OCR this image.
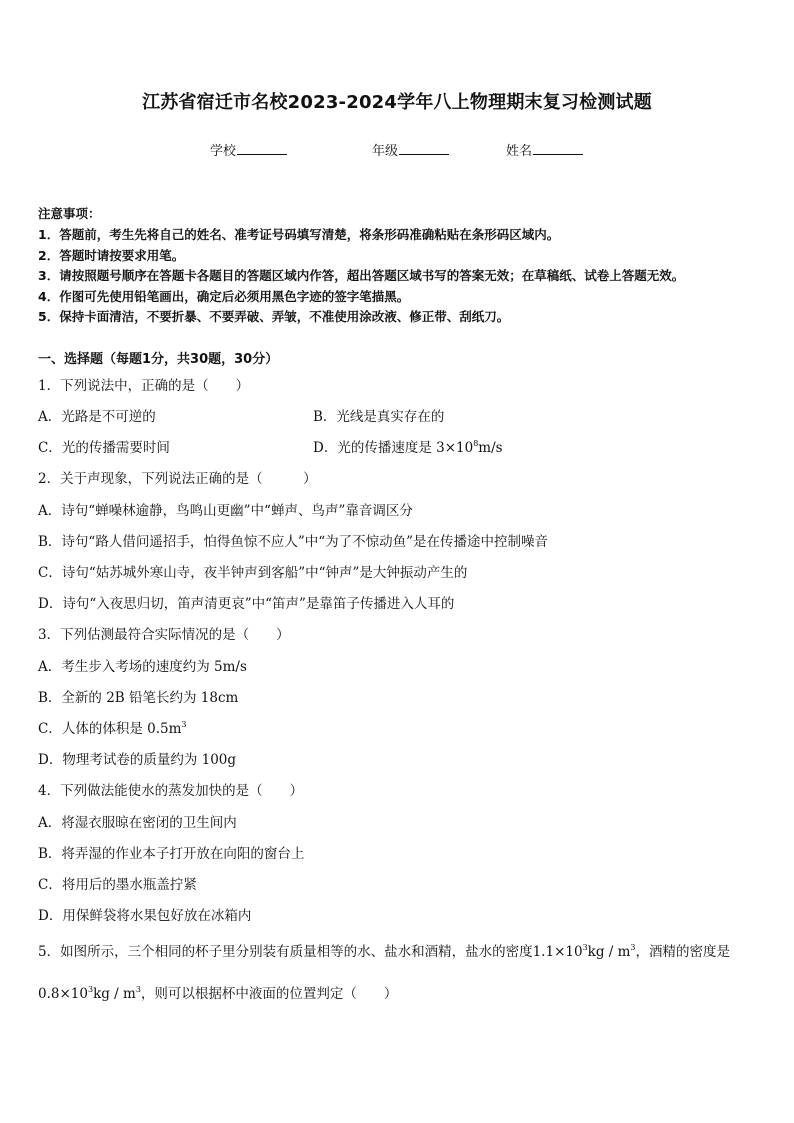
江苏省宿迁市名校2023-2024学年八上物理期末复习检测试题
学校	年级	姓名
注意事项：
1．答题前，考生先将自己的姓名、准考证号码填写清楚，将条形码准确粘贴在条形码区域内。
2．答题时请按要求用笔。
3．请按照题号顺序在答题卡各题目的答题区域内作答，超出答题区域书写的答案无效；在草稿纸、试卷上答题无效。
4．作图可先使用铅笔画出，确定后必须用黑色字迹的签字笔描黑。
5．保持卡面清洁，不要折暴、不要弄破、弄皱，不准使用涂改液、修正带、刮纸刀。
一、选择题（每题1分，共30题，30分）
1．下列说法中，正确的是（　　）
A．光路是不可逆的	B．光线是真实存在的
C．光的传播需要时间	D．光的传播速度是 $3\times 10^8m/s$
2．关于声现象，下列说法正确的是（　　　）
A．诗句“蝉噪林逾静，鸟鸣山更幽”中“蝉声、鸟声”靠音调区分
B．诗句“路人借问遥招手，怕得鱼惊不应人”中“为了不惊动鱼”是在传播途中控制噪音
C．诗句“姑苏城外寒山寺，夜半钟声到客船”中“钟声”是大钟振动产生的
D．诗句“入夜思归切，笛声清更哀”中“笛声”是靠笛子传播进入人耳的
3．下列估测最符合实际情况的是（　　）
A．考生步入考场的速度约为 5m/s
B．全新的 2B 铅笔长约为 18cm
C．人体的体积是 $0.5m^3$
D．物理考试卷的质量约为 100g
4．下列做法能使水的蒸发加快的是（　　）
A．将湿衣服晾在密闭的卫生间内
B．将弄湿的作业本子打开放在向阳的窗台上
C．将用后的墨水瓶盖拧紧
D．用保鲜袋将水果包好放在冰箱内
5．如图所示，三个相同的杯子里分别装有质量相等的水、盐水和酒精，盐水的密度$1.1\times 10^3kg / m^3$，酒精的密度是
$0.8\times 10^3kg / m^3$，则可以根据杯中液面的位置判定（　　）
